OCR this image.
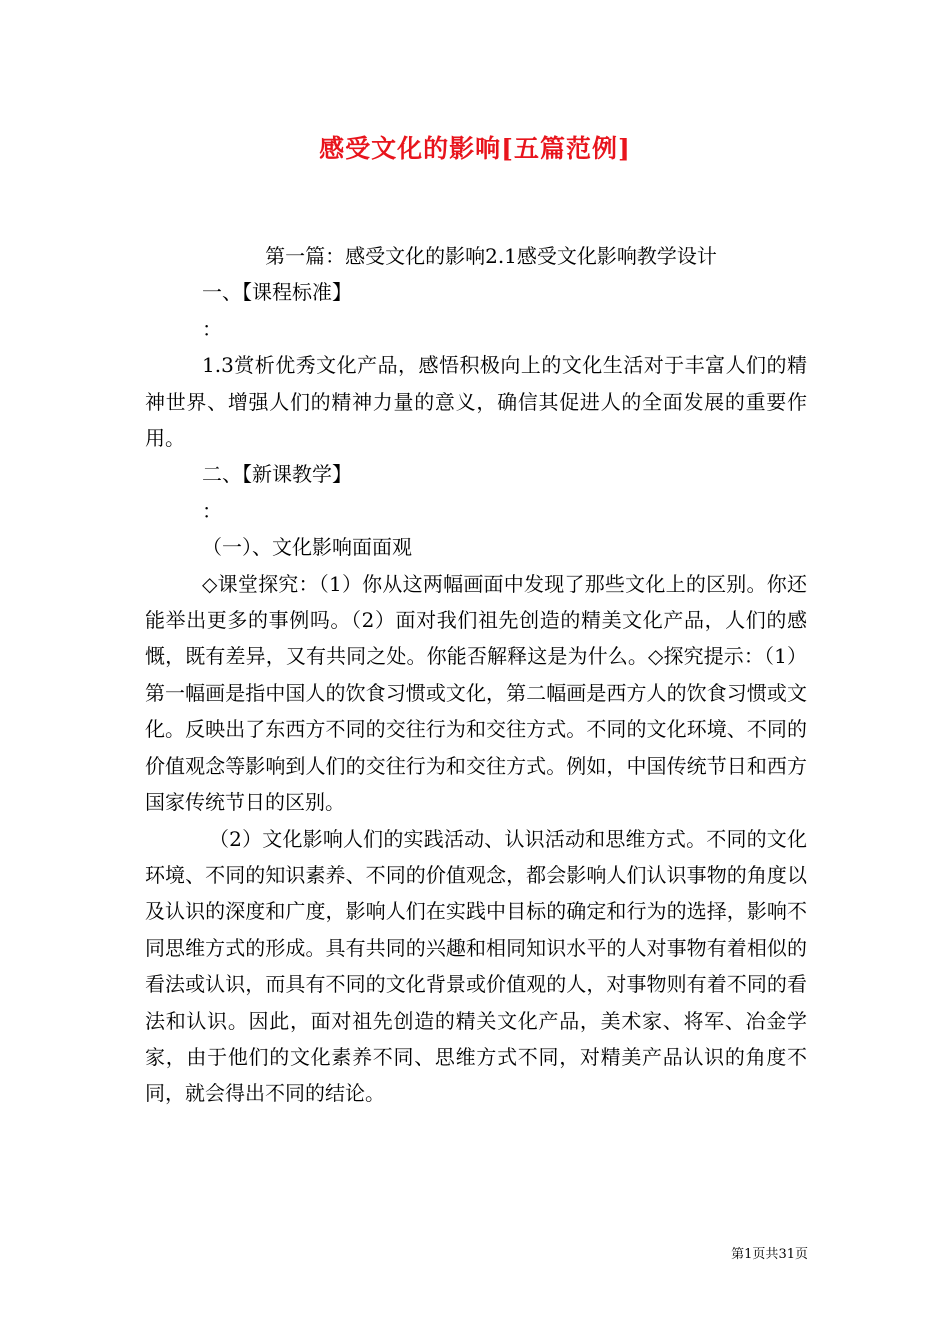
感受文化的影响[五篇范例]

第一篇：感受文化的影响2.1感受文化影响教学设计

一、【课程标准】

：

1.3赏析优秀文化产品，感悟积极向上的文化生活对于丰富人们的精神世界、增强人们的精神力量的意义，确信其促进人的全面发展的重要作用。

二、【新课教学】

：

（一）、文化影响面面观

◇课堂探究：（1）你从这两幅画面中发现了那些文化上的区别。你还能举出更多的事例吗。（2）面对我们祖先创造的精美文化产品，人们的感慨，既有差异，又有共同之处。你能否解释这是为什么。◇探究提示：（1）第一幅画是指中国人的饮食习惯或文化，第二幅画是西方人的饮食习惯或文化。反映出了东西方不同的交往行为和交往方式。不同的文化环境、不同的价值观念等影响到人们的交往行为和交往方式。例如，中国传统节日和西方国家传统节日的区别。

（2）文化影响人们的实践活动、认识活动和思维方式。不同的文化环境、不同的知识素养、不同的价值观念，都会影响人们认识事物的角度以及认识的深度和广度，影响人们在实践中目标的确定和行为的选择，影响不同思维方式的形成。具有共同的兴趣和相同知识水平的人对事物有着相似的看法或认识，而具有不同的文化背景或价值观的人，对事物则有着不同的看法和认识。因此，面对祖先创造的精关文化产品，美术家、将军、冶金学家，由于他们的文化素养不同、思维方式不同，对精美产品认识的角度不同，就会得出不同的结论。

第1页共31页
